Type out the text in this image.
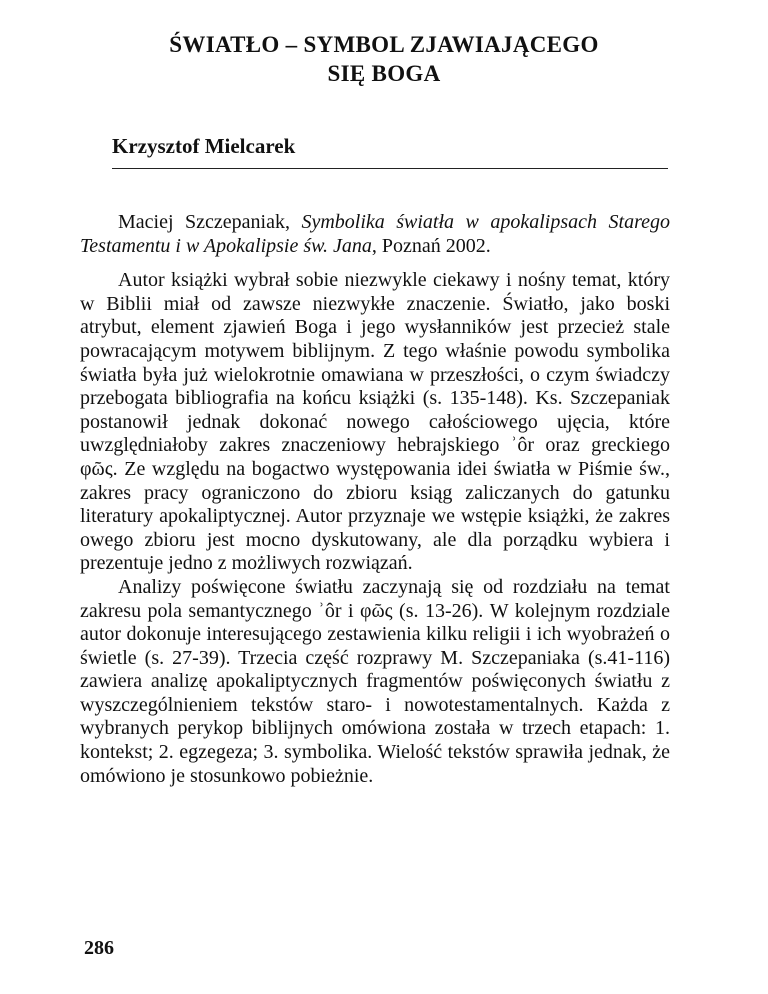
ŚWIATŁO – SYMBOL ZJAWIAJĄCEGO
SIĘ BOGA
Krzysztof Mielcarek

Maciej Szczepaniak, Symbolika światła w apokalipsach Starego Testamentu i w Apokalipsie św. Jana, Poznań 2002.

Autor książki wybrał sobie niezwykle ciekawy i nośny temat, który w Biblii miał od zawsze niezwykłe znaczenie. Światło, jako boski atrybut, element zjawień Boga i jego wysłanników jest przecież stale powracającym motywem biblijnym. Z tego właśnie powodu symbolika światła była już wielokrotnie omawiana w przeszłości, o czym świadczy przebogata bibliografia na końcu książki (s. 135-148). Ks. Szczepaniak postanowił jednak dokonać nowego całościowego ujęcia, które uwzględniałoby zakres znaczeniowy hebrajskiego ʾôr oraz greckiego φῶς. Ze względu na bogactwo występowania idei światła w Piśmie św., zakres pracy ograniczono do zbioru ksiąg zaliczanych do gatunku literatury apokaliptycznej. Autor przyznaje we wstępie książki, że zakres owego zbioru jest mocno dyskutowany, ale dla porządku wybiera i prezentuje jedno z możliwych rozwiązań.

Analizy poświęcone światłu zaczynają się od rozdziału na temat zakresu pola semantycznego ʾôr i φῶς (s. 13-26). W kolejnym rozdziale autor dokonuje interesującego zestawienia kilku religii i ich wyobrażeń o świetle (s. 27-39). Trzecia część rozprawy M. Szczepaniaka (s.41-116) zawiera analizę apokaliptycznych fragmentów poświęconych światłu z wyszczególnieniem tekstów staro- i nowotestamentalnych. Każda z wybranych perykop biblijnych omówiona została w trzech etapach: 1. kontekst; 2. egzegeza; 3. symbolika. Wielość tekstów sprawiła jednak, że omówiono je stosunkowo pobieżnie.

286
